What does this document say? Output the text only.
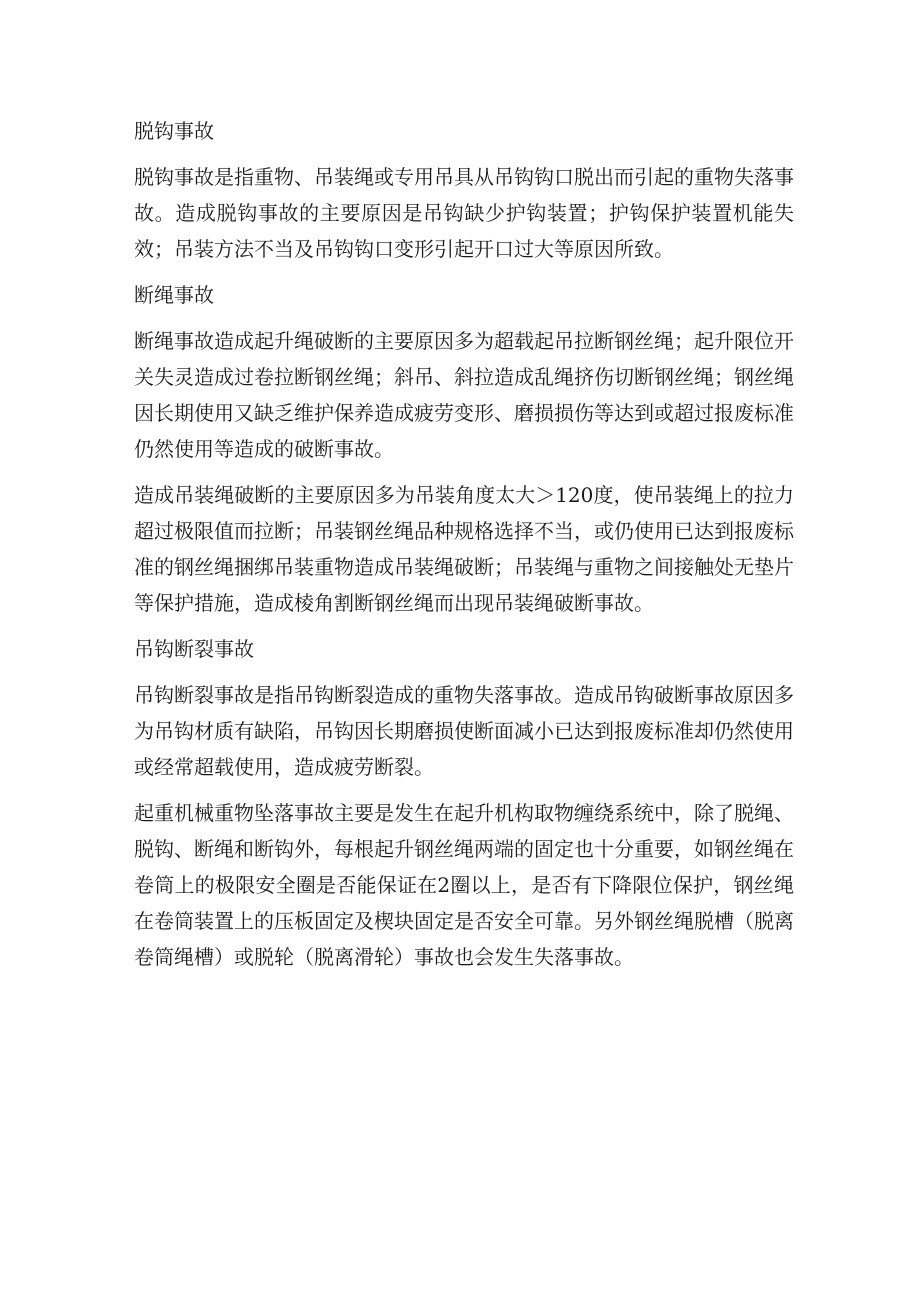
脱钩事故
脱钩事故是指重物、吊装绳或专用吊具从吊钩钩口脱出而引起的重物失落事故。造成脱钩事故的主要原因是吊钩缺少护钩装置；护钩保护装置机能失效；吊装方法不当及吊钩钩口变形引起开口过大等原因所致。
断绳事故
断绳事故造成起升绳破断的主要原因多为超载起吊拉断钢丝绳；起升限位开关失灵造成过卷拉断钢丝绳；斜吊、斜拉造成乱绳挤伤切断钢丝绳；钢丝绳因长期使用又缺乏维护保养造成疲劳变形、磨损损伤等达到或超过报废标准仍然使用等造成的破断事故。
造成吊装绳破断的主要原因多为吊装角度太大＞120度，使吊装绳上的拉力超过极限值而拉断；吊装钢丝绳品种规格选择不当，或仍使用已达到报废标准的钢丝绳捆绑吊装重物造成吊装绳破断；吊装绳与重物之间接触处无垫片等保护措施，造成棱角割断钢丝绳而出现吊装绳破断事故。
吊钩断裂事故
吊钩断裂事故是指吊钩断裂造成的重物失落事故。造成吊钩破断事故原因多为吊钩材质有缺陷，吊钩因长期磨损使断面减小已达到报废标准却仍然使用或经常超载使用，造成疲劳断裂。
起重机械重物坠落事故主要是发生在起升机构取物缠绕系统中，除了脱绳、脱钩、断绳和断钩外，每根起升钢丝绳两端的固定也十分重要，如钢丝绳在卷筒上的极限安全圈是否能保证在2圈以上，是否有下降限位保护，钢丝绳在卷筒装置上的压板固定及楔块固定是否安全可靠。另外钢丝绳脱槽（脱离卷筒绳槽）或脱轮（脱离滑轮）事故也会发生失落事故。
